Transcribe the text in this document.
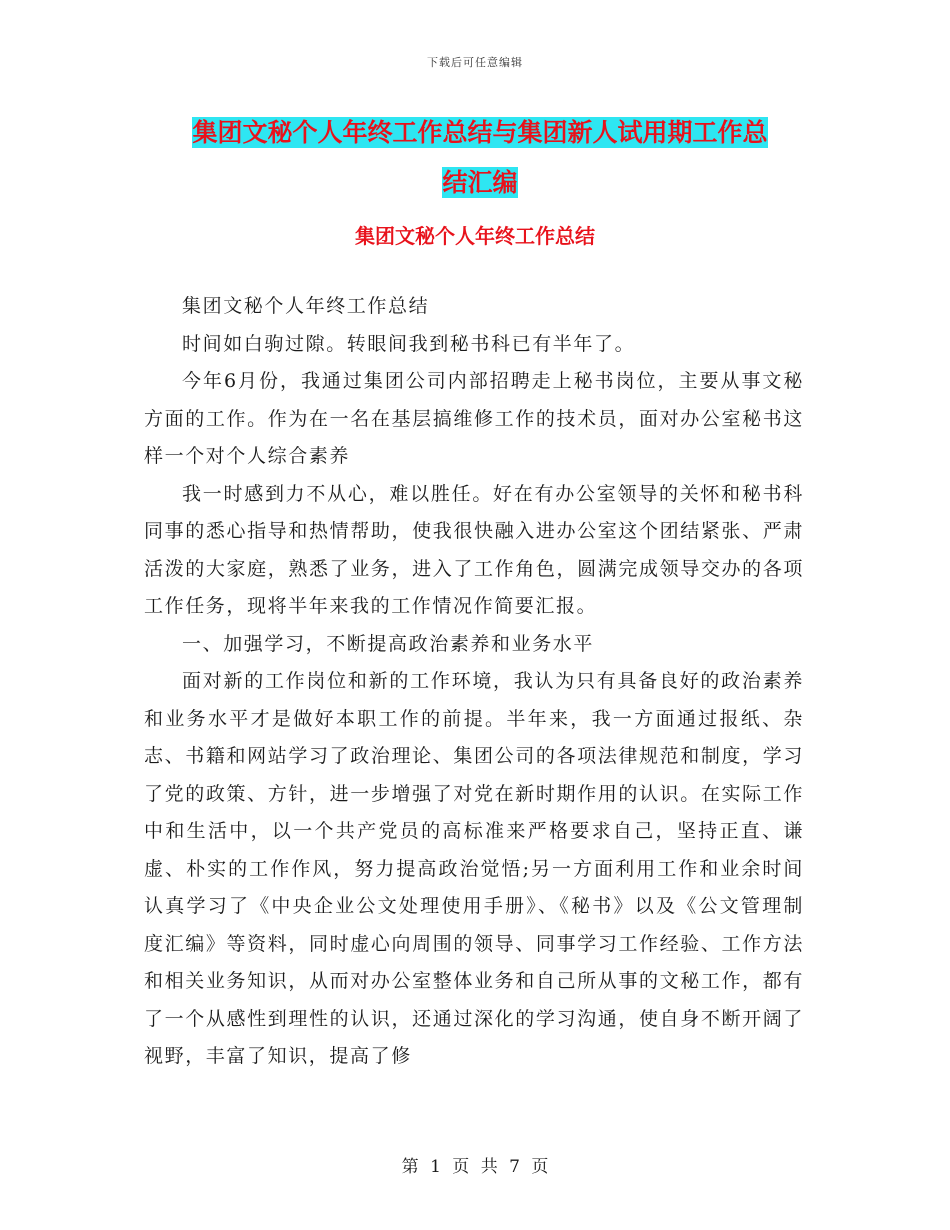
下载后可任意编辑
集团文秘个人年终工作总结与集团新人试用期工作总
结汇编
集团文秘个人年终工作总结

集团文秘个人年终工作总结

时间如白驹过隙。转眼间我到秘书科已有半年了。

今年6月份，我通过集团公司内部招聘走上秘书岗位，主要从事文秘方面的工作。作为在一名在基层搞维修工作的技术员，面对办公室秘书这样一个对个人综合素养

我一时感到力不从心，难以胜任。好在有办公室领导的关怀和秘书科同事的悉心指导和热情帮助，使我很快融入进办公室这个团结紧张、严肃活泼的大家庭，熟悉了业务，进入了工作角色，圆满完成领导交办的各项工作任务，现将半年来我的工作情况作简要汇报。

一、加强学习，不断提高政治素养和业务水平

面对新的工作岗位和新的工作环境，我认为只有具备良好的政治素养和业务水平才是做好本职工作的前提。半年来，我一方面通过报纸、杂志、书籍和网站学习了政治理论、集团公司的各项法律规范和制度，学习了党的政策、方针，进一步增强了对党在新时期作用的认识。在实际工作中和生活中，以一个共产党员的高标准来严格要求自己，坚持正直、谦虚、朴实的工作作风，努力提高政治觉悟;另一方面利用工作和业余时间认真学习了《中央企业公文处理使用手册》、《秘书》以及《公文管理制度汇编》等资料，同时虚心向周围的领导、同事学习工作经验、工作方法和相关业务知识，从而对办公室整体业务和自己所从事的文秘工作，都有了一个从感性到理性的认识，还通过深化的学习沟通，使自身不断开阔了视野，丰富了知识，提高了修

第 1 页 共 7 页
